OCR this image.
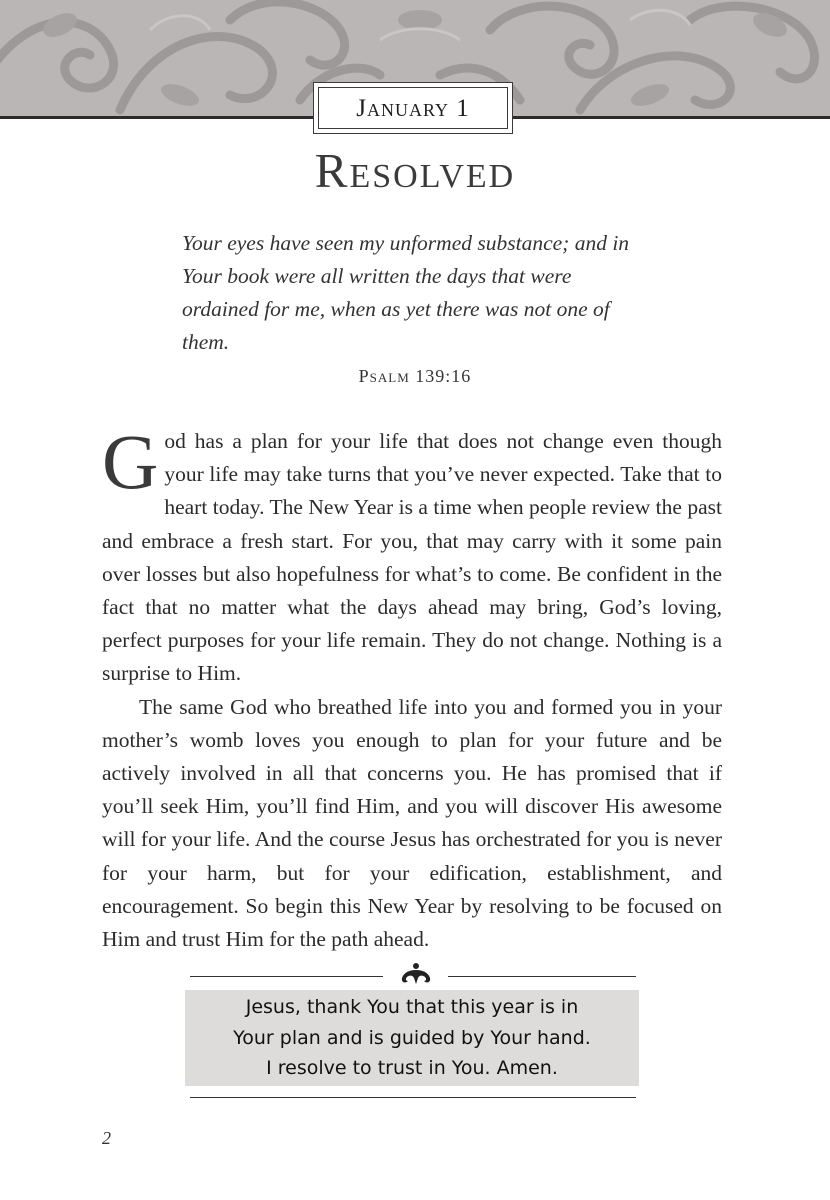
January 1
Resolved
Your eyes have seen my unformed substance; and in Your book were all written the days that were ordained for me, when as yet there was not one of them.
Psalm 139:16

God has a plan for your life that does not change even though your life may take turns that you’ve never expected. Take that to heart today. The New Year is a time when people review the past and embrace a fresh start. For you, that may carry with it some pain over losses but also hopefulness for what’s to come. Be confident in the fact that no matter what the days ahead may bring, God’s loving, perfect purposes for your life remain. They do not change. Nothing is a surprise to Him.

The same God who breathed life into you and formed you in your mother’s womb loves you enough to plan for your future and be actively involved in all that concerns you. He has promised that if you’ll seek Him, you’ll find Him, and you will discover His awesome will for your life. And the course Jesus has orchestrated for you is never for your harm, but for your edification, establishment, and encouragement. So begin this New Year by resolving to be focused on Him and trust Him for the path ahead.

Jesus, thank You that this year is in
Your plan and is guided by Your hand.
I resolve to trust in You. Amen.
2
